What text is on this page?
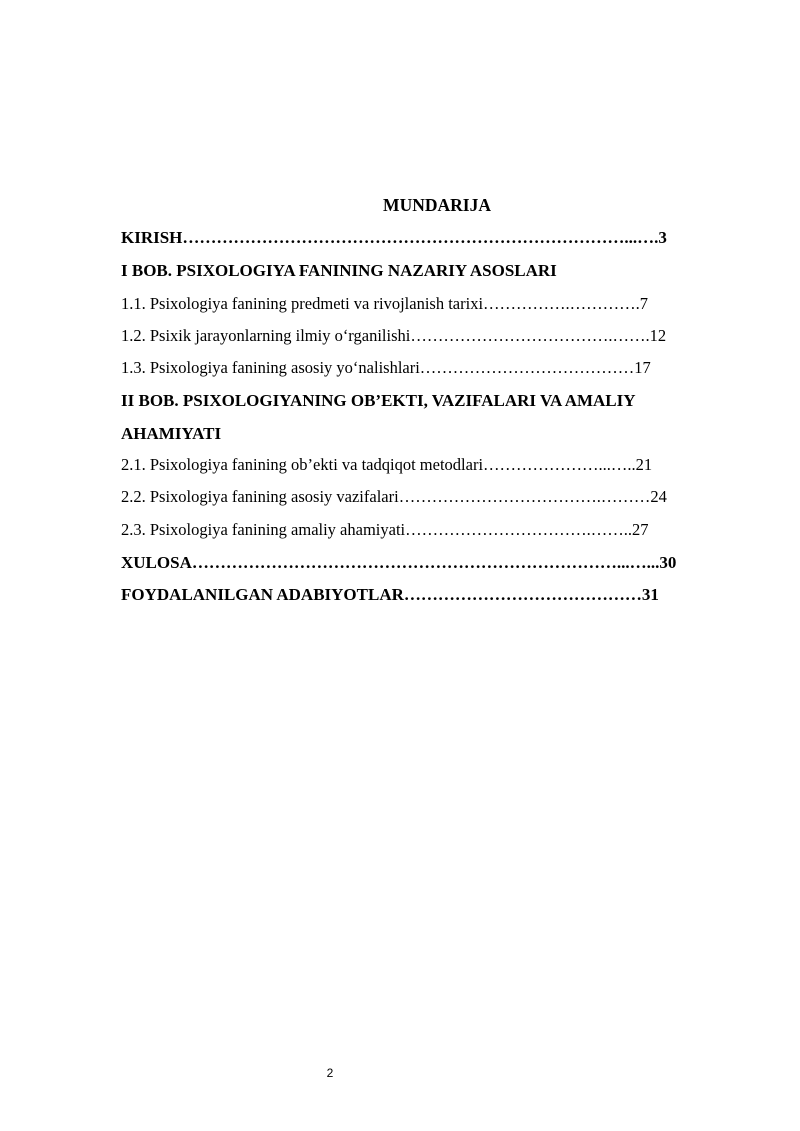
MUNDARIJA
KIRISH……………………………………………………………………...….3
I BOB. PSIXOLOGIYA FANINING NAZARIY ASOSLARI
1.1. Psixologiya fanining predmeti va rivojlanish tarixi…………….………….7
1.2. Psixik jarayonlarning ilmiy o‘rganilishi……………………………….…….12
1.3. Psixologiya fanining asosiy yo‘nalishlari…………………………………17
II BOB. PSIXOLOGIYANING OB’EKTI, VAZIFALARI VA AMALIY
AHAMIYATI
2.1. Psixologiya fanining ob’ekti va tadqiqot metodlari…………………...…..21
2.2. Psixologiya fanining asosiy vazifalari……………………………….………24
2.3. Psixologiya fanining amaliy ahamiyati…………………………….……..27
XULOSA…………………………………………………………………...…...30
FOYDALANILGAN ADABIYOTLAR……………………………………31
2
